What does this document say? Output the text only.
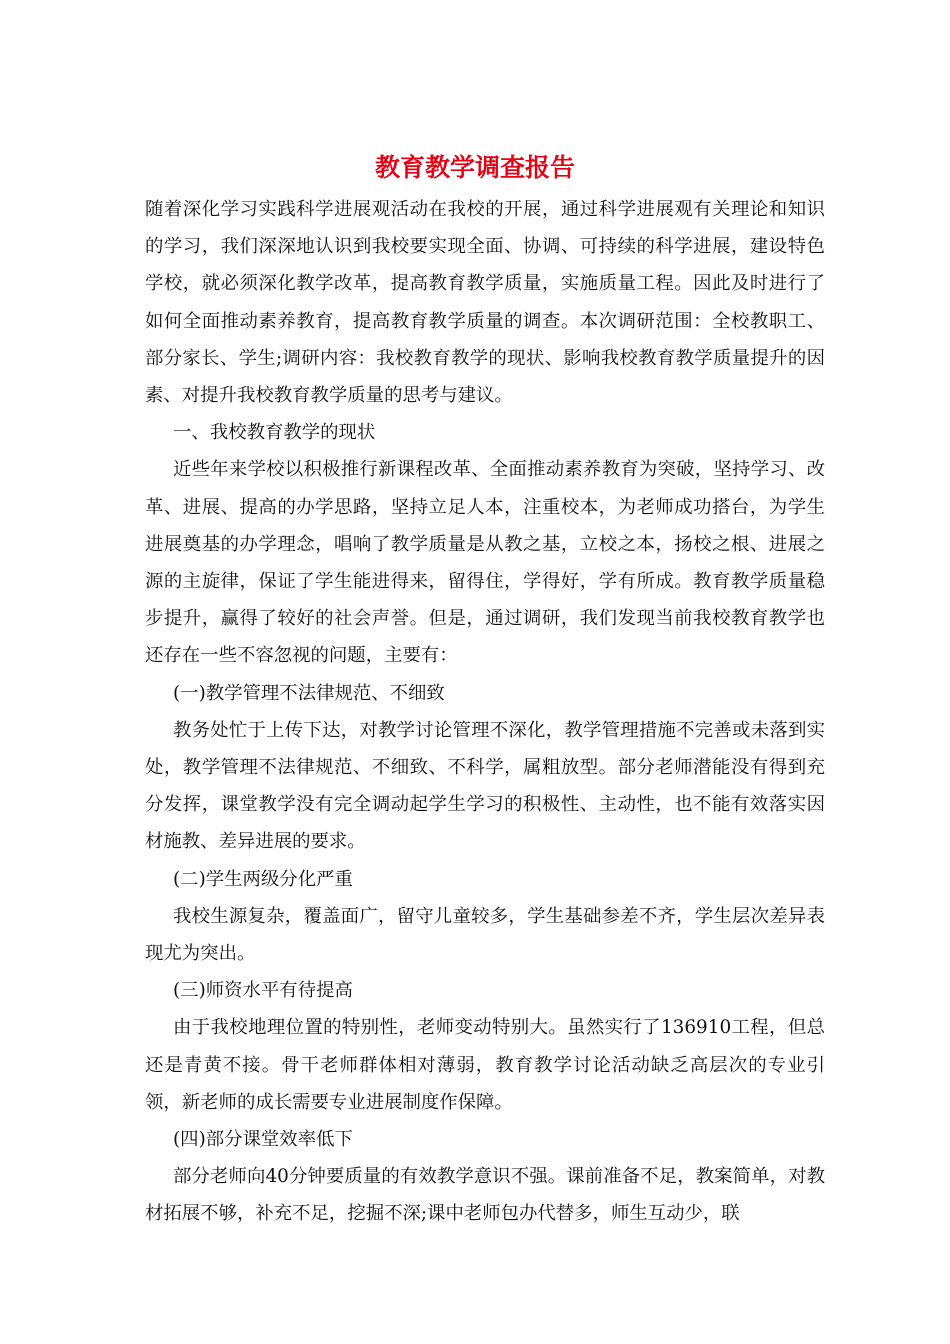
教育教学调查报告

随着深化学习实践科学进展观活动在我校的开展，通过科学进展观有关理论和知识的学习，我们深深地认识到我校要实现全面、协调、可持续的科学进展，建设特色学校，就必须深化教学改革，提高教育教学质量，实施质量工程。因此及时进行了如何全面推动素养教育，提高教育教学质量的调查。本次调研范围：全校教职工、部分家长、学生;调研内容：我校教育教学的现状、影响我校教育教学质量提升的因素、对提升我校教育教学质量的思考与建议。

一、我校教育教学的现状

近些年来学校以积极推行新课程改革、全面推动素养教育为突破，坚持学习、改革、进展、提高的办学思路，坚持立足人本，注重校本，为老师成功搭台，为学生进展奠基的办学理念，唱响了教学质量是从教之基，立校之本，扬校之根、进展之源的主旋律，保证了学生能进得来，留得住，学得好，学有所成。教育教学质量稳步提升，赢得了较好的社会声誉。但是，通过调研，我们发现当前我校教育教学也还存在一些不容忽视的问题，主要有：

(一)教学管理不法律规范、不细致

教务处忙于上传下达，对教学讨论管理不深化，教学管理措施不完善或未落到实处，教学管理不法律规范、不细致、不科学，属粗放型。部分老师潜能没有得到充分发挥，课堂教学没有完全调动起学生学习的积极性、主动性，也不能有效落实因材施教、差异进展的要求。

(二)学生两级分化严重

我校生源复杂，覆盖面广，留守儿童较多，学生基础参差不齐，学生层次差异表现尤为突出。

(三)师资水平有待提高

由于我校地理位置的特别性，老师变动特别大。虽然实行了136910工程，但总还是青黄不接。骨干老师群体相对薄弱，教育教学讨论活动缺乏高层次的专业引领，新老师的成长需要专业进展制度作保障。

(四)部分课堂效率低下

部分老师向40分钟要质量的有效教学意识不强。课前准备不足，教案简单，对教材拓展不够，补充不足，挖掘不深;课中老师包办代替多，师生互动少，联
